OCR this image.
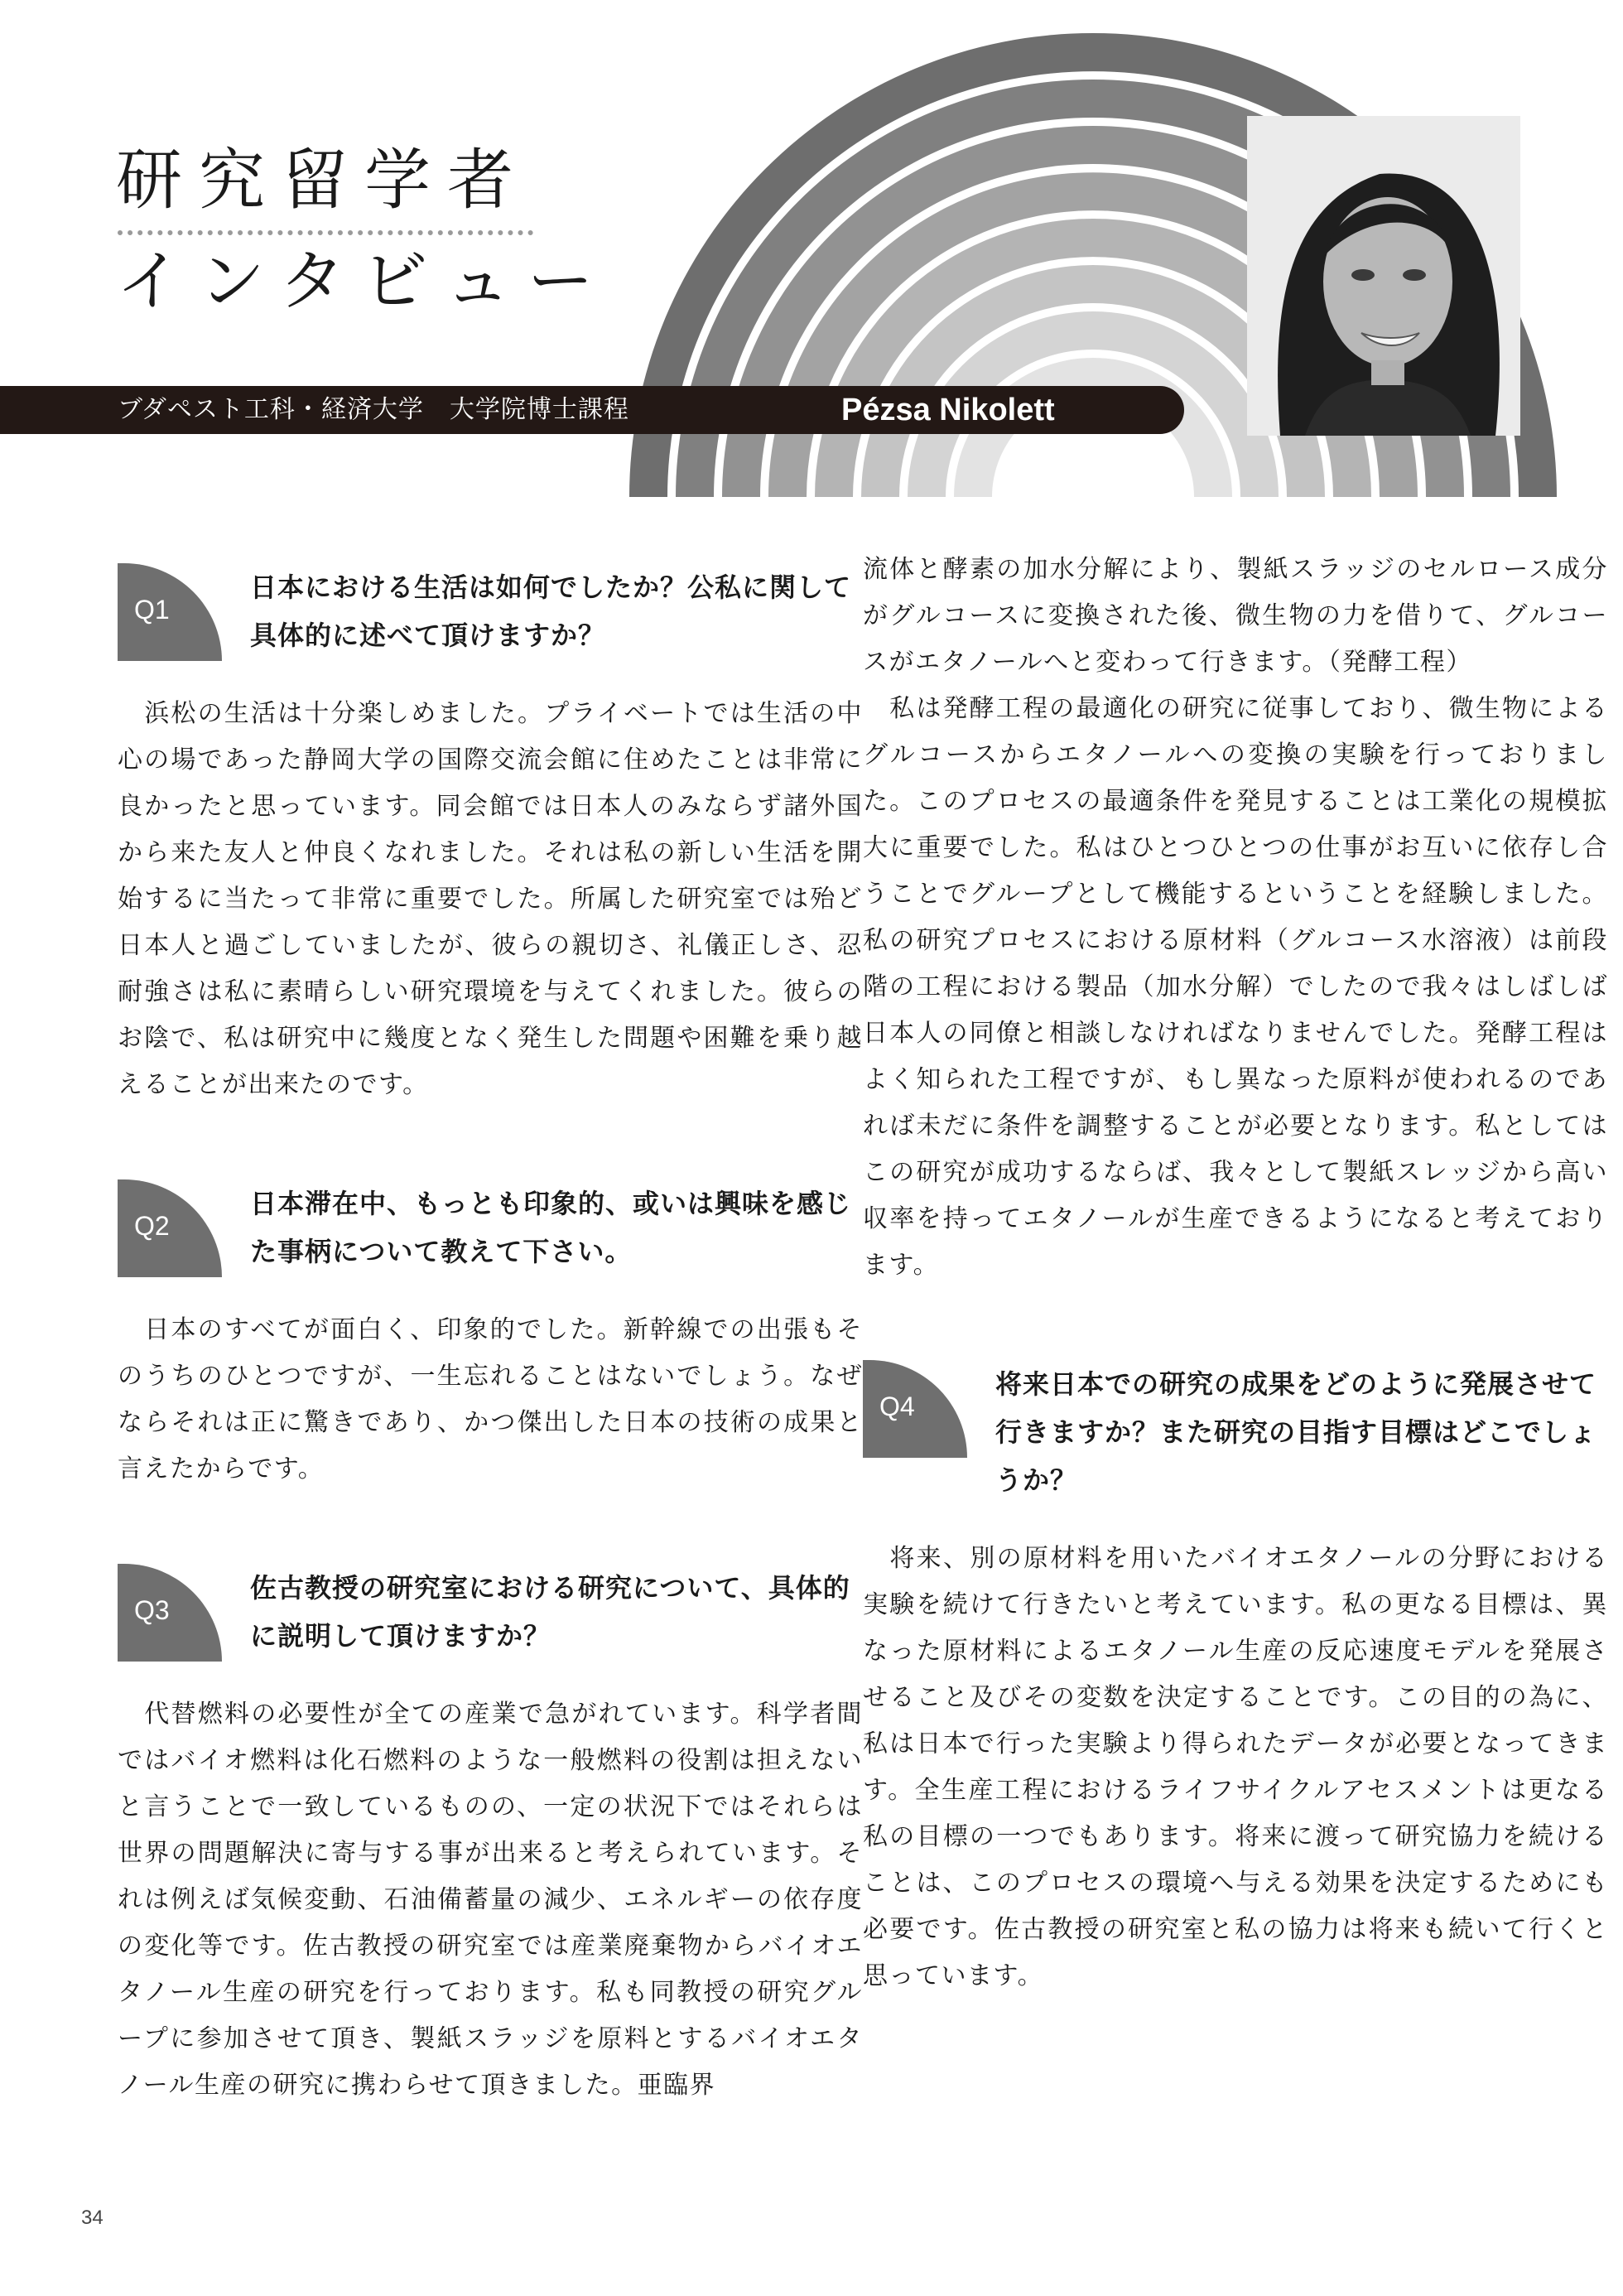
研究留学者
インタビュー
ブダペスト工科・経済大学　大学院博士課程	Pézsa Nikolett
Q1

日本における生活は如何でしたか？公私に関して具体的に述べて頂けますか？

　浜松の生活は十分楽しめました。プライベートでは生活の中心の場であった静岡大学の国際交流会館に住めたことは非常に良かったと思っています。同会館では日本人のみならず諸外国から来た友人と仲良くなれました。それは私の新しい生活を開始するに当たって非常に重要でした。所属した研究室では殆ど日本人と過ごしていましたが、彼らの親切さ、礼儀正しさ、忍耐強さは私に素晴らしい研究環境を与えてくれました。彼らのお陰で、私は研究中に幾度となく発生した問題や困難を乗り越えることが出来たのです。

Q2

日本滞在中、もっとも印象的、或いは興味を感じた事柄について教えて下さい。

　日本のすべてが面白く、印象的でした。新幹線での出張もそのうちのひとつですが、一生忘れることはないでしょう。なぜならそれは正に驚きであり、かつ傑出した日本の技術の成果と言えたからです。

Q3

佐古教授の研究室における研究について、具体的に説明して頂けますか？

　代替燃料の必要性が全ての産業で急がれています。科学者間ではバイオ燃料は化石燃料のような一般燃料の役割は担えないと言うことで一致しているものの、一定の状況下ではそれらは世界の問題解決に寄与する事が出来ると考えられています。それは例えば気候変動、石油備蓄量の減少、エネルギーの依存度の変化等です。佐古教授の研究室では産業廃棄物からバイオエタノール生産の研究を行っております。私も同教授の研究グループに参加させて頂き、製紙スラッジを原料とするバイオエタノール生産の研究に携わらせて頂きました。亜臨界

流体と酵素の加水分解により、製紙スラッジのセルロース成分がグルコースに変換された後、微生物の力を借りて、グルコースがエタノールへと変わって行きます。（発酵工程）

　私は発酵工程の最適化の研究に従事しており、微生物によるグルコースからエタノールへの変換の実験を行っておりました。このプロセスの最適条件を発見することは工業化の規模拡大に重要でした。私はひとつひとつの仕事がお互いに依存し合うことでグループとして機能するということを経験しました。私の研究プロセスにおける原材料（グルコース水溶液）は前段階の工程における製品（加水分解）でしたので我々はしばしば日本人の同僚と相談しなければなりませんでした。発酵工程はよく知られた工程ですが、もし異なった原料が使われるのであれば未だに条件を調整することが必要となります。私としてはこの研究が成功するならば、我々として製紙スレッジから高い収率を持ってエタノールが生産できるようになると考えております。

Q4

将来日本での研究の成果をどのように発展させて行きますか？また研究の目指す目標はどこでしょうか？

　将来、別の原材料を用いたバイオエタノールの分野における実験を続けて行きたいと考えています。私の更なる目標は、異なった原材料によるエタノール生産の反応速度モデルを発展させること及びその変数を決定することです。この目的の為に、私は日本で行った実験より得られたデータが必要となってきます。全生産工程におけるライフサイクルアセスメントは更なる私の目標の一つでもあります。将来に渡って研究協力を続けることは、このプロセスの環境へ与える効果を決定するためにも必要です。佐古教授の研究室と私の協力は将来も続いて行くと思っています。

34
